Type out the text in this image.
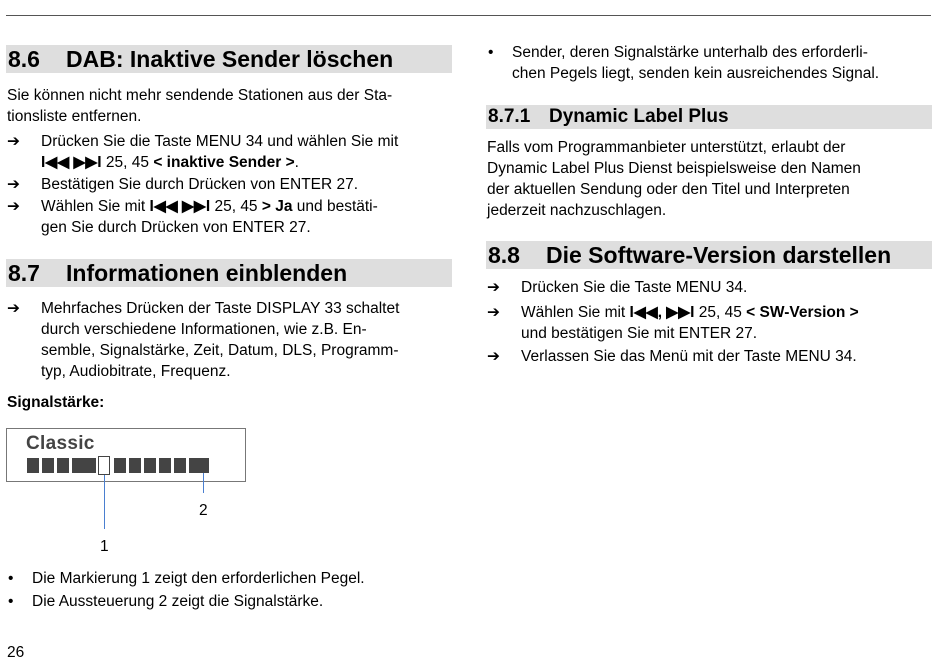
8.6 DAB: Inaktive Sender löschen
Sie können nicht mehr sendende Stationen aus der Sta-
tionsliste entfernen.
➔ Drücken Sie die Taste MENU 34 und wählen Sie mit
I◀◀ ▶▶I 25, 45 < inaktive Sender >.
➔ Bestätigen Sie durch Drücken von ENTER 27.
➔ Wählen Sie mit I◀◀ ▶▶I 25, 45 > Ja und bestäti-
gen Sie durch Drücken von ENTER 27.
8.7 Informationen einblenden
➔ Mehrfaches Drücken der Taste DISPLAY 33 schaltet
durch verschiedene Informationen, wie z.B. En-
semble, Signalstärke, Zeit, Datum, DLS, Programm-
typ, Audiobitrate, Frequenz.
Signalstärke:
Classic
2
1
• Die Markierung 1 zeigt den erforderlichen Pegel.
• Die Aussteuerung 2 zeigt die Signalstärke.
• Sender, deren Signalstärke unterhalb des erforderli-
chen Pegels liegt, senden kein ausreichendes Signal.
8.7.1 Dynamic Label Plus
Falls vom Programmanbieter unterstützt, erlaubt der
Dynamic Label Plus Dienst beispielsweise den Namen
der aktuellen Sendung oder den Titel und Interpreten
jederzeit nachzuschlagen.
8.8 Die Software-Version darstellen
➔ Drücken Sie die Taste MENU 34.
➔ Wählen Sie mit I◀◀, ▶▶I 25, 45 < SW-Version >
und bestätigen Sie mit ENTER 27.
➔ Verlassen Sie das Menü mit der Taste MENU 34.
26
